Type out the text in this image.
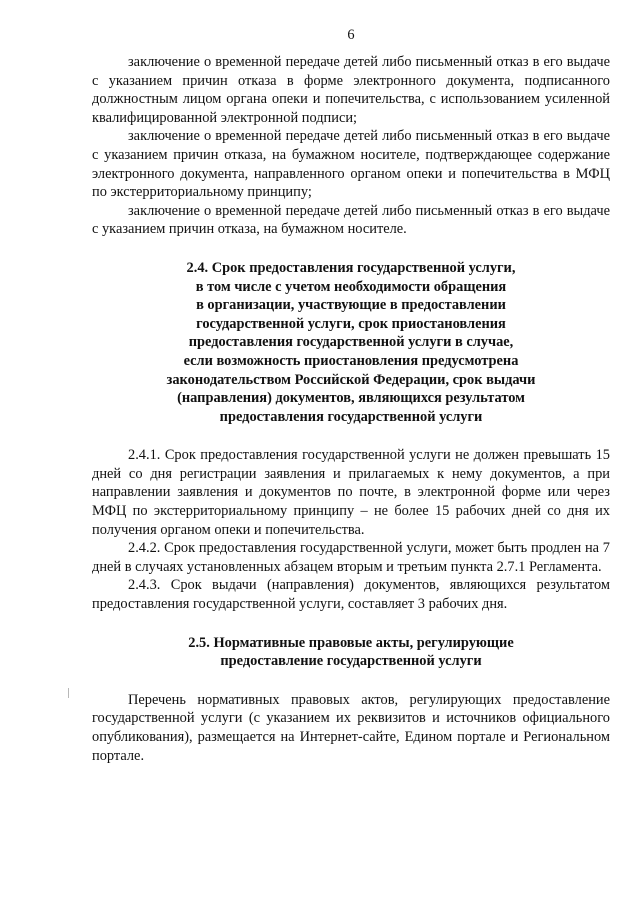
6

заключение о временной передаче детей либо письменный отказ в его выдаче с указанием причин отказа в форме электронного документа, подписанного должностным лицом органа опеки и попечительства, с использованием усиленной квалифицированной электронной подписи;

заключение о временной передаче детей либо письменный отказ в его выдаче с указанием причин отказа, на бумажном носителе, подтверждающее содержание электронного документа, направленного органом опеки и попечительства в МФЦ по экстерриториальному принципу;

заключение о временной передаче детей либо письменный отказ в его выдаче с указанием причин отказа, на бумажном носителе.

2.4. Срок предоставления государственной услуги,
в том числе с учетом необходимости обращения
в организации, участвующие в предоставлении
государственной услуги, срок приостановления
предоставления государственной услуги в случае,
если возможность приостановления предусмотрена
законодательством Российской Федерации, срок выдачи
(направления) документов, являющихся результатом
предоставления государственной услуги

2.4.1. Срок предоставления государственной услуги не должен превышать 15 дней со дня регистрации заявления и прилагаемых к нему документов, а при направлении заявления и документов по почте, в электронной форме или через МФЦ по экстерриториальному принципу – не более 15 рабочих дней со дня их получения органом опеки и попечительства.

2.4.2. Срок предоставления государственной услуги, может быть продлен на 7 дней в случаях установленных абзацем вторым и третьим пункта 2.7.1 Регламента.

2.4.3. Срок выдачи (направления) документов, являющихся результатом предоставления государственной услуги, составляет 3 рабочих дня.

2.5. Нормативные правовые акты, регулирующие
предоставление государственной услуги

Перечень нормативных правовых актов, регулирующих предоставление государственной услуги (с указанием их реквизитов и источников официального опубликования), размещается на Интернет-сайте, Едином портале и Региональном портале.
